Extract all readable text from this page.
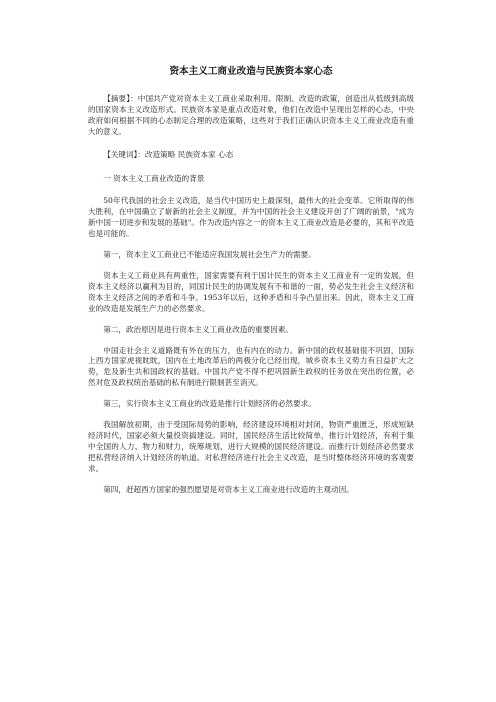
资本主义工商业改造与民族资本家心态

【摘要】：中国共产党对资本主义工商业采取利用、限制、改造的政策，创造出从低级到高级的国家资本主义改造形式。民族资本家是重点改造对象，他们在改造中呈现出怎样的心态，中央政府如何根据不同的心态制定合理的改造策略，这些对于我们正确认识资本主义工商业改造有重大的意义。

【关键词】：改造策略 民族资本家 心态

一 资本主义工商业改造的背景

50年代我国的社会主义改造，是当代中国历史上最深刻，最伟大的社会变革。它所取得的伟大胜利，在中国确立了崭新的社会主义制度，并为中国的社会主义建设开创了广阔的前景，"成为新中国一切进步和发展的基础"。作为改造内容之一的资本主义工商业改造是必要的，其和平改造也是可能的。

第一，资本主义工商业已不能适应我国发展社会生产力的需要。

资本主义工商业具有两重性，国家需要有利于国计民生的资本主义工商业有一定的发展，但资本主义经济以赢利为目的，同国计民生的协调发展有不和谐的一面，势必发生社会主义经济和资本主义经济之间的矛盾和斗争。1953年以后，这种矛盾和斗争凸显出来。因此，资本主义工商业的改造是发展生产力的必然要求。

第二，政治原因是进行资本主义工商业改造的重要因素。

中国走社会主义道路既有外在的压力，也有内在的动力。新中国的政权基础很不巩固，国际上西方国家虎视眈眈，国内在土地改革后的两极分化已经出现，城乡资本主义势力有日益扩大之势，危及新生共和国政权的基础。中国共产党不得不把巩固新生政权的任务放在突出的位置，必然对危及政权统治基础的私有制进行限制甚至消灭。

第三，实行资本主义工商业的改造是推行计划经济的必然要求。

我国解放初期，由于受国际局势的影响，经济建设环境相对封闭，物资严重匮乏，形成短缺经济时代，国家必须大量投资搞建设。同时，国民经济生活比较简单，推行计划经济，有利于集中全国的人力、物力和财力，统筹规划，进行大规模的国民经济建设。而推行计划经济必然要求把私营经济纳入计划经济的轨道。对私营经济进行社会主义改造，是当时整体经济环境的客观要求。

第四，赶超西方国家的强烈愿望是对资本主义工商业进行改造的主观动因。
